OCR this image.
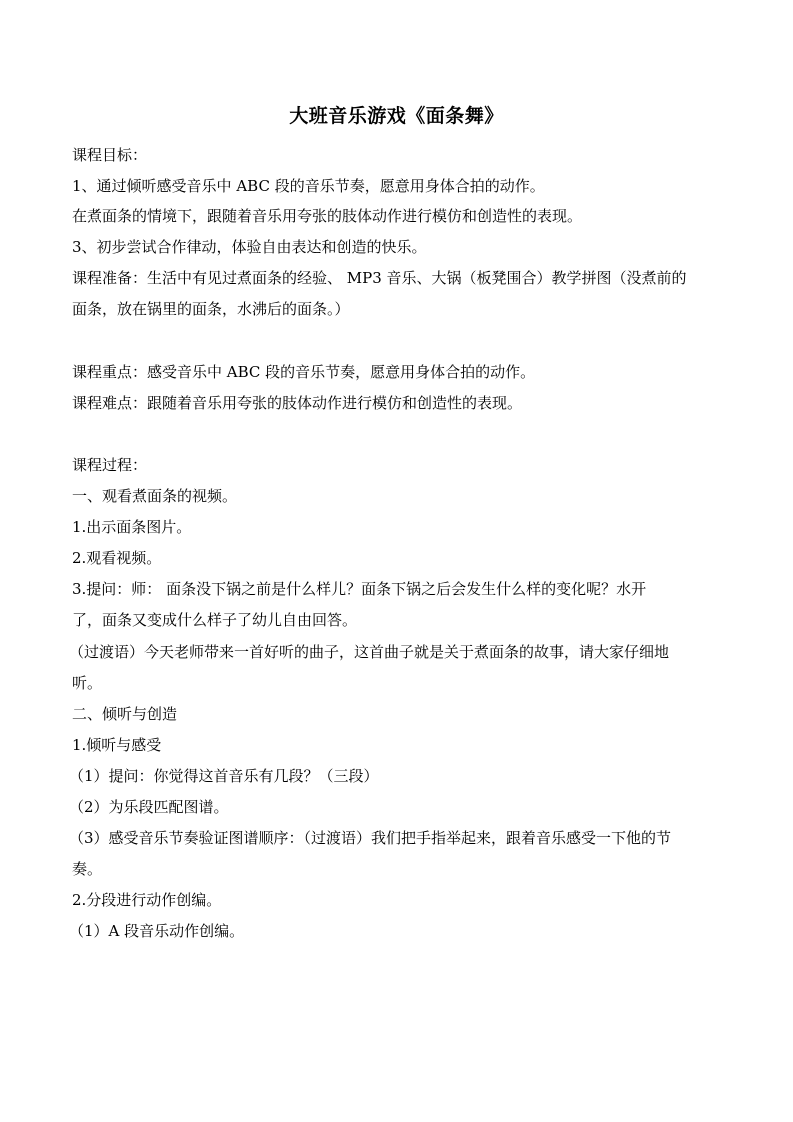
大班音乐游戏《面条舞》
课程目标：
1、通过倾听感受音乐中 ABC 段的音乐节奏，愿意用身体合拍的动作。
在煮面条的情境下，跟随着音乐用夸张的肢体动作进行模仿和创造性的表现。
3、初步尝试合作律动，体验自由表达和创造的快乐。
课程准备：生活中有见过煮面条的经验、 MP3 音乐、大锅（板凳围合）教学拼图（没煮前的
面条，放在锅里的面条，水沸后的面条。）
课程重点：感受音乐中 ABC 段的音乐节奏，愿意用身体合拍的动作。
课程难点：跟随着音乐用夸张的肢体动作进行模仿和创造性的表现。
课程过程：
一、观看煮面条的视频。
1.出示面条图片。
2.观看视频。
3.提问：师： 面条没下锅之前是什么样儿？面条下锅之后会发生什么样的变化呢？水开
了，面条又变成什么样子了幼儿自由回答。
（过渡语）今天老师带来一首好听的曲子，这首曲子就是关于煮面条的故事，请大家仔细地
听。
二、倾听与创造
1.倾听与感受
（1）提问：你觉得这首音乐有几段？（三段）
（2）为乐段匹配图谱。
（3）感受音乐节奏验证图谱顺序：（过渡语）我们把手指举起来，跟着音乐感受一下他的节
奏。
2.分段进行动作创编。
（1）A 段音乐动作创编。
